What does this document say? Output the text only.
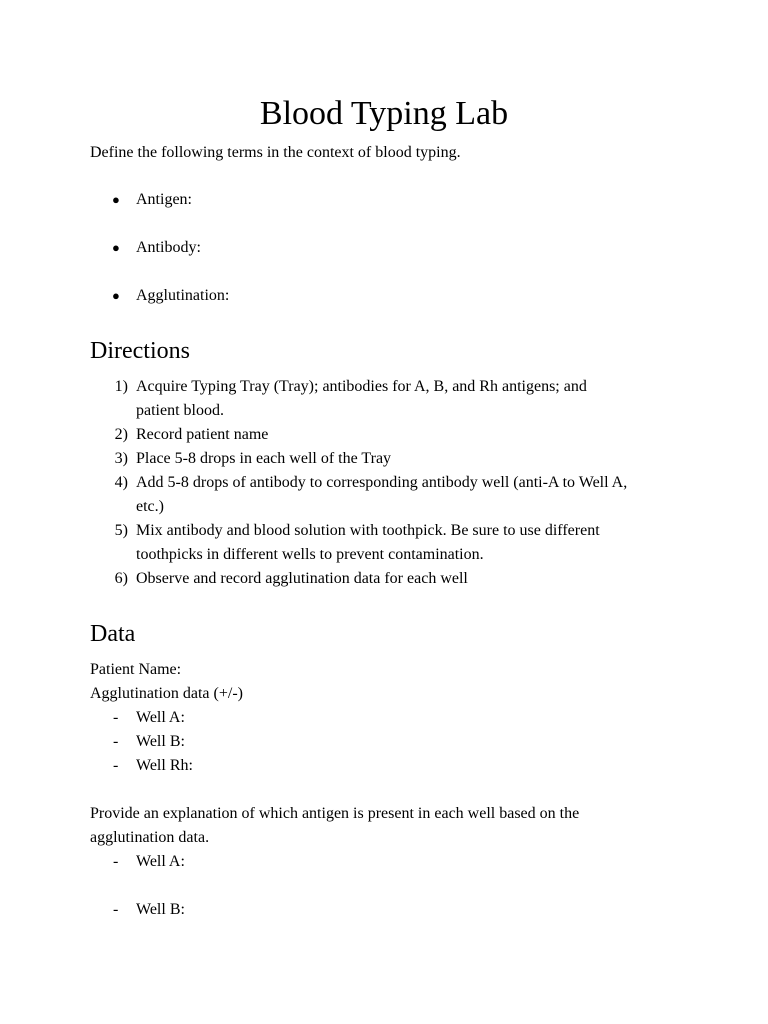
Blood Typing Lab
Define the following terms in the context of blood typing.
● Antigen:
● Antibody:
● Agglutination:
Directions
1) Acquire Typing Tray (Tray); antibodies for A, B, and Rh antigens; and
patient blood.
2) Record patient name
3) Place 5-8 drops in each well of the Tray
4) Add 5-8 drops of antibody to corresponding antibody well (anti-A to Well A,
etc.)
5) Mix antibody and blood solution with toothpick. Be sure to use different
toothpicks in different wells to prevent contamination.
6) Observe and record agglutination data for each well
Data
Patient Name:
Agglutination data (+/-)
- Well A:
- Well B:
- Well Rh:
Provide an explanation of which antigen is present in each well based on the
agglutination data.
- Well A:
- Well B:
